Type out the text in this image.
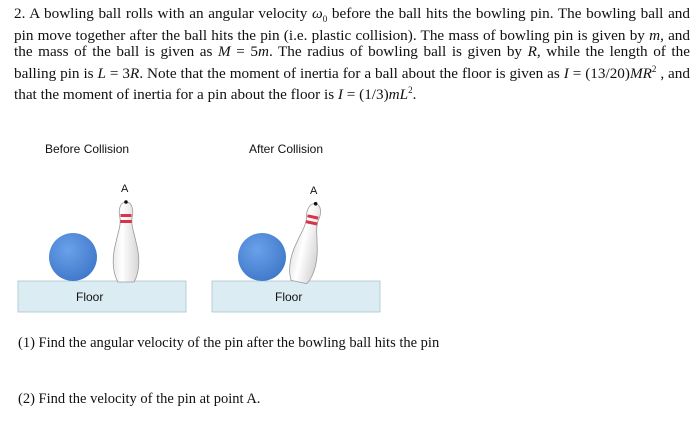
2. A bowling ball rolls with an angular velocity $\omega_0$ before the ball hits the bowling pin. The bowling ball and pin move together after the ball hits the pin (i.e. plastic collision). The mass of bowling pin is given by m, and the mass of the ball is given as M = 5m. The radius of bowling ball is given by R, while the length of the balling pin is L = 3R. Note that the moment of inertia for a ball about the floor is given as $I = (13/20)MR^2$ , and that the moment of inertia for a pin about the floor is $I = (1/3)mL^2$.
Before Collision	After Collision
A	A
Floor	Floor
(1) Find the angular velocity of the pin after the bowling ball hits the pin
(2) Find the velocity of the pin at point A.
